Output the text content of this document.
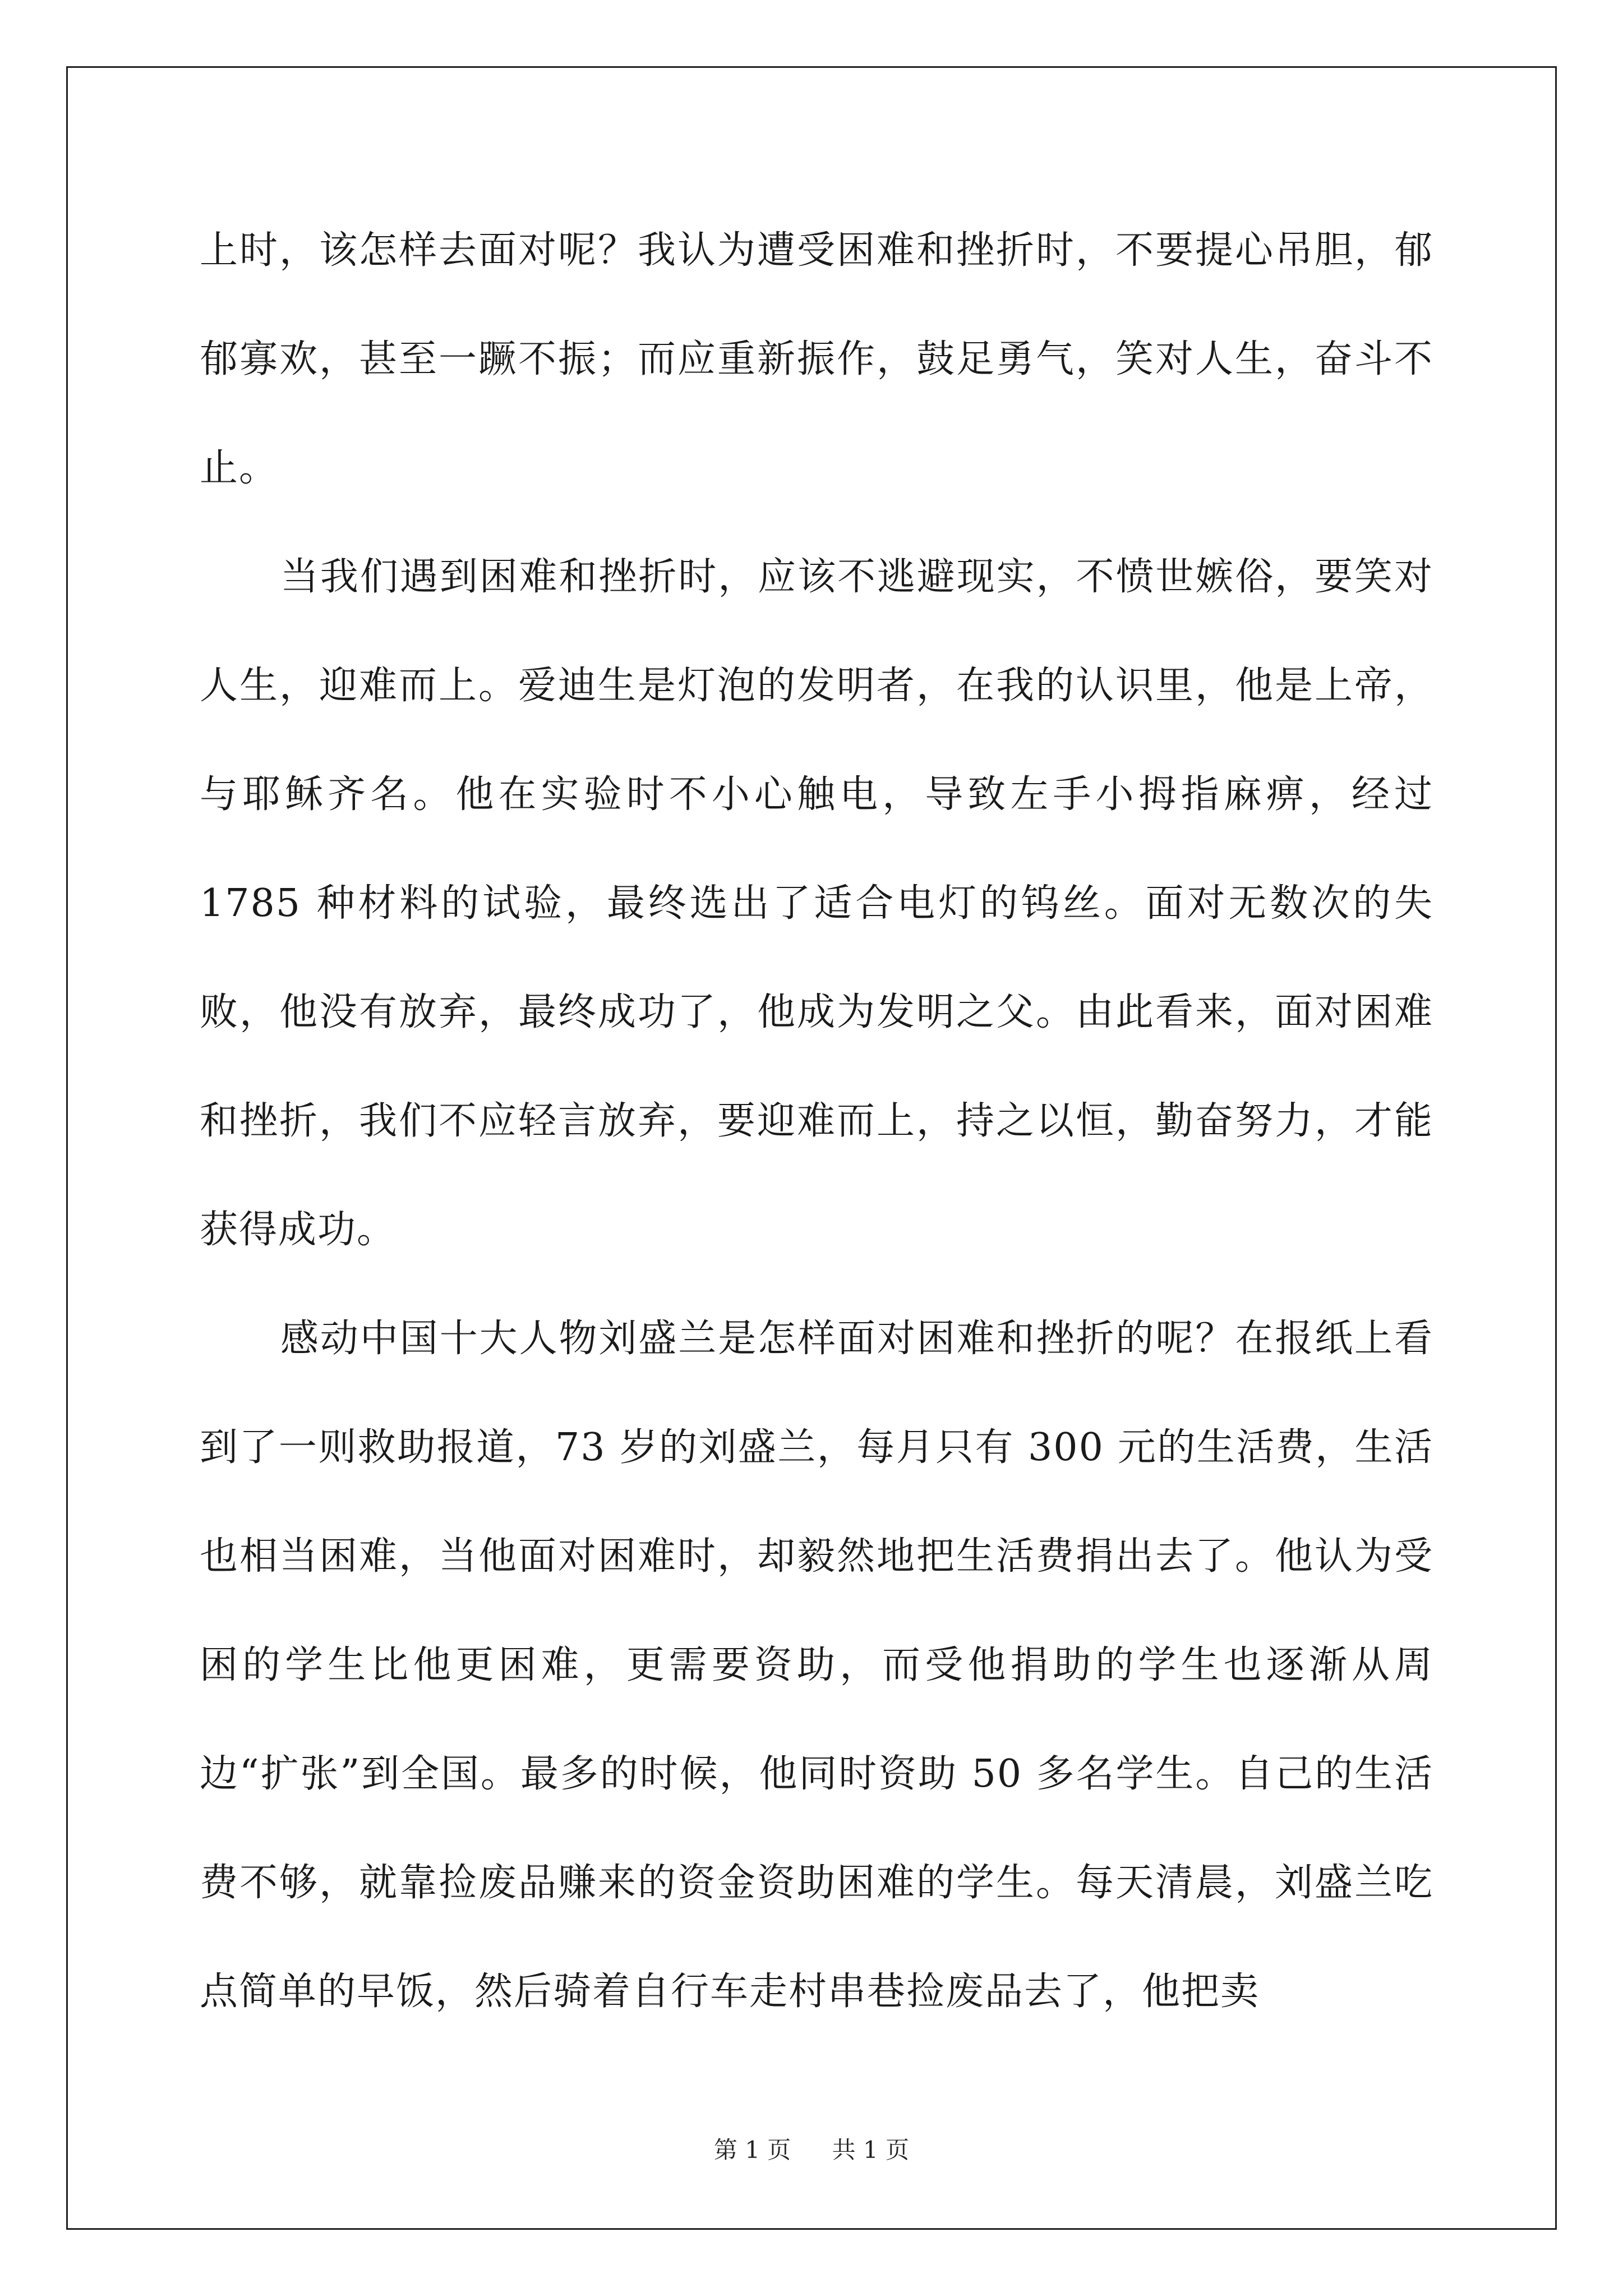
上时，该怎样去面对呢？我认为遭受困难和挫折时，不要提心吊胆，郁郁寡欢，甚至一蹶不振；而应重新振作，鼓足勇气，笑对人生，奋斗不止。

当我们遇到困难和挫折时，应该不逃避现实，不愤世嫉俗，要笑对人生，迎难而上。爱迪生是灯泡的发明者，在我的认识里，他是上帝，与耶稣齐名。他在实验时不小心触电，导致左手小拇指麻痹，经过 1785 种材料的试验，最终选出了适合电灯的钨丝。面对无数次的失败，他没有放弃，最终成功了，他成为发明之父。由此看来，面对困难和挫折，我们不应轻言放弃，要迎难而上，持之以恒，勤奋努力，才能获得成功。

感动中国十大人物刘盛兰是怎样面对困难和挫折的呢？在报纸上看到了一则救助报道，73 岁的刘盛兰，每月只有 300 元的生活费，生活也相当困难，当他面对困难时，却毅然地把生活费捐出去了。他认为受困的学生比他更困难，更需要资助，而受他捐助的学生也逐渐从周边“扩张”到全国。最多的时候，他同时资助 50 多名学生。自己的生活费不够，就靠捡废品赚来的资金资助困难的学生。每天清晨，刘盛兰吃点简单的早饭，然后骑着自行车走村串巷捡废品去了，他把卖

第 1 页 共 1 页
